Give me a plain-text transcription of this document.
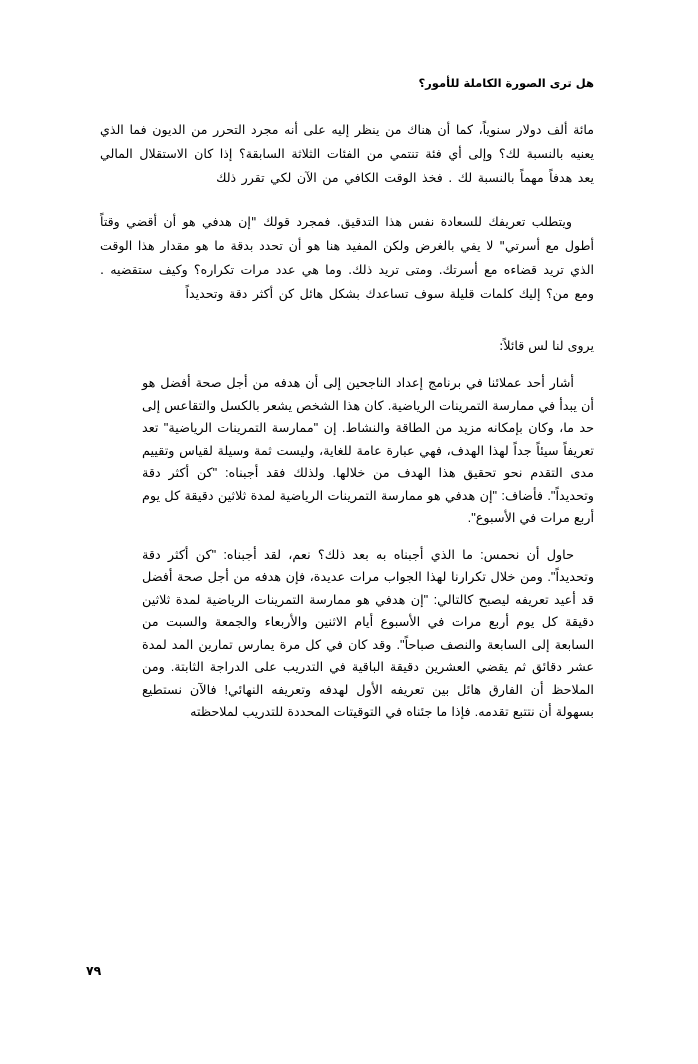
هل ترى الصورة الكاملة للأمور؟

مائة ألف دولار سنوياً، كما أن هناك من ينظر إليه على أنه مجرد التحرر من الديون فما الذي يعنيه بالنسبة لك؟ وإلى أي فئة تنتمي من الفئات الثلاثة السابقة؟ إذا كان الاستقلال المالي يعد هدفاً مهماً بالنسبة لك . فخذ الوقت الكافي من الآن لكي تقرر ذلك

ويتطلب تعريفك للسعادة نفس هذا التدقيق. فمجرد قولك "إن هدفي هو أن أقضي وقتاً أطول مع أسرتي" لا يفي بالغرض ولكن المفيد هنا هو أن تحدد بدقة ما هو مقدار هذا الوقت الذي تريد قضاءه مع أسرتك. ومتى تريد ذلك. وما هي عدد مرات تكراره؟ وكيف ستقضيه . ومع من؟ إليك كلمات قليلة سوف تساعدك بشكل هائل كن أكثر دقة وتحديداً

يروى لنا لس قائلاً:

أشار أحد عملائنا في برنامج إعداد الناجحين إلى أن هدفه من أجل صحة أفضل هو أن يبدأ في ممارسة التمرينات الرياضية. كان هذا الشخص يشعر بالكسل والتقاعس إلى حد ما، وكان بإمكانه مزيد من الطاقة والنشاط. إن "ممارسة التمرينات الرياضية" تعد تعريفاً سيئاً جداً لهذا الهدف، فهي عبارة عامة للغاية، وليست ثمة وسيلة لقياس وتقييم مدى التقدم نحو تحقيق هذا الهدف من خلالها. ولذلك فقد أجبناه: "كن أكثر دقة وتحديداً". فأضاف: "إن هدفي هو ممارسة التمرينات الرياضية لمدة ثلاثين دقيقة كل يوم أربع مرات في الأسبوع".

حاول أن نحمس: ما الذي أجبناه به بعد ذلك؟ نعم، لقد أجبناه: "كن أكثر دقة وتحديداً". ومن خلال تكرارنا لهذا الجواب مرات عديدة، فإن هدفه من أجل صحة أفضل قد أعيد تعريفه ليصبح كالتالي: "إن هدفي هو ممارسة التمرينات الرياضية لمدة ثلاثين دقيقة كل يوم أربع مرات في الأسبوع أيام الاثنين والأربعاء والجمعة والسبت من السابعة إلى السابعة والنصف صباحاً". وقد كان في كل مرة يمارس تمارين المد لمدة عشر دقائق ثم يقضي العشرين دقيقة الباقية في التدريب على الدراجة الثابتة. ومن الملاحظ أن الفارق هائل بين تعريفه الأول لهدفه وتعريفه النهائي! فالآن نستطيع بسهولة أن نتتبع تقدمه. فإذا ما جئناه في التوقيتات المحددة للتدريب لملاحظته

٧٩
